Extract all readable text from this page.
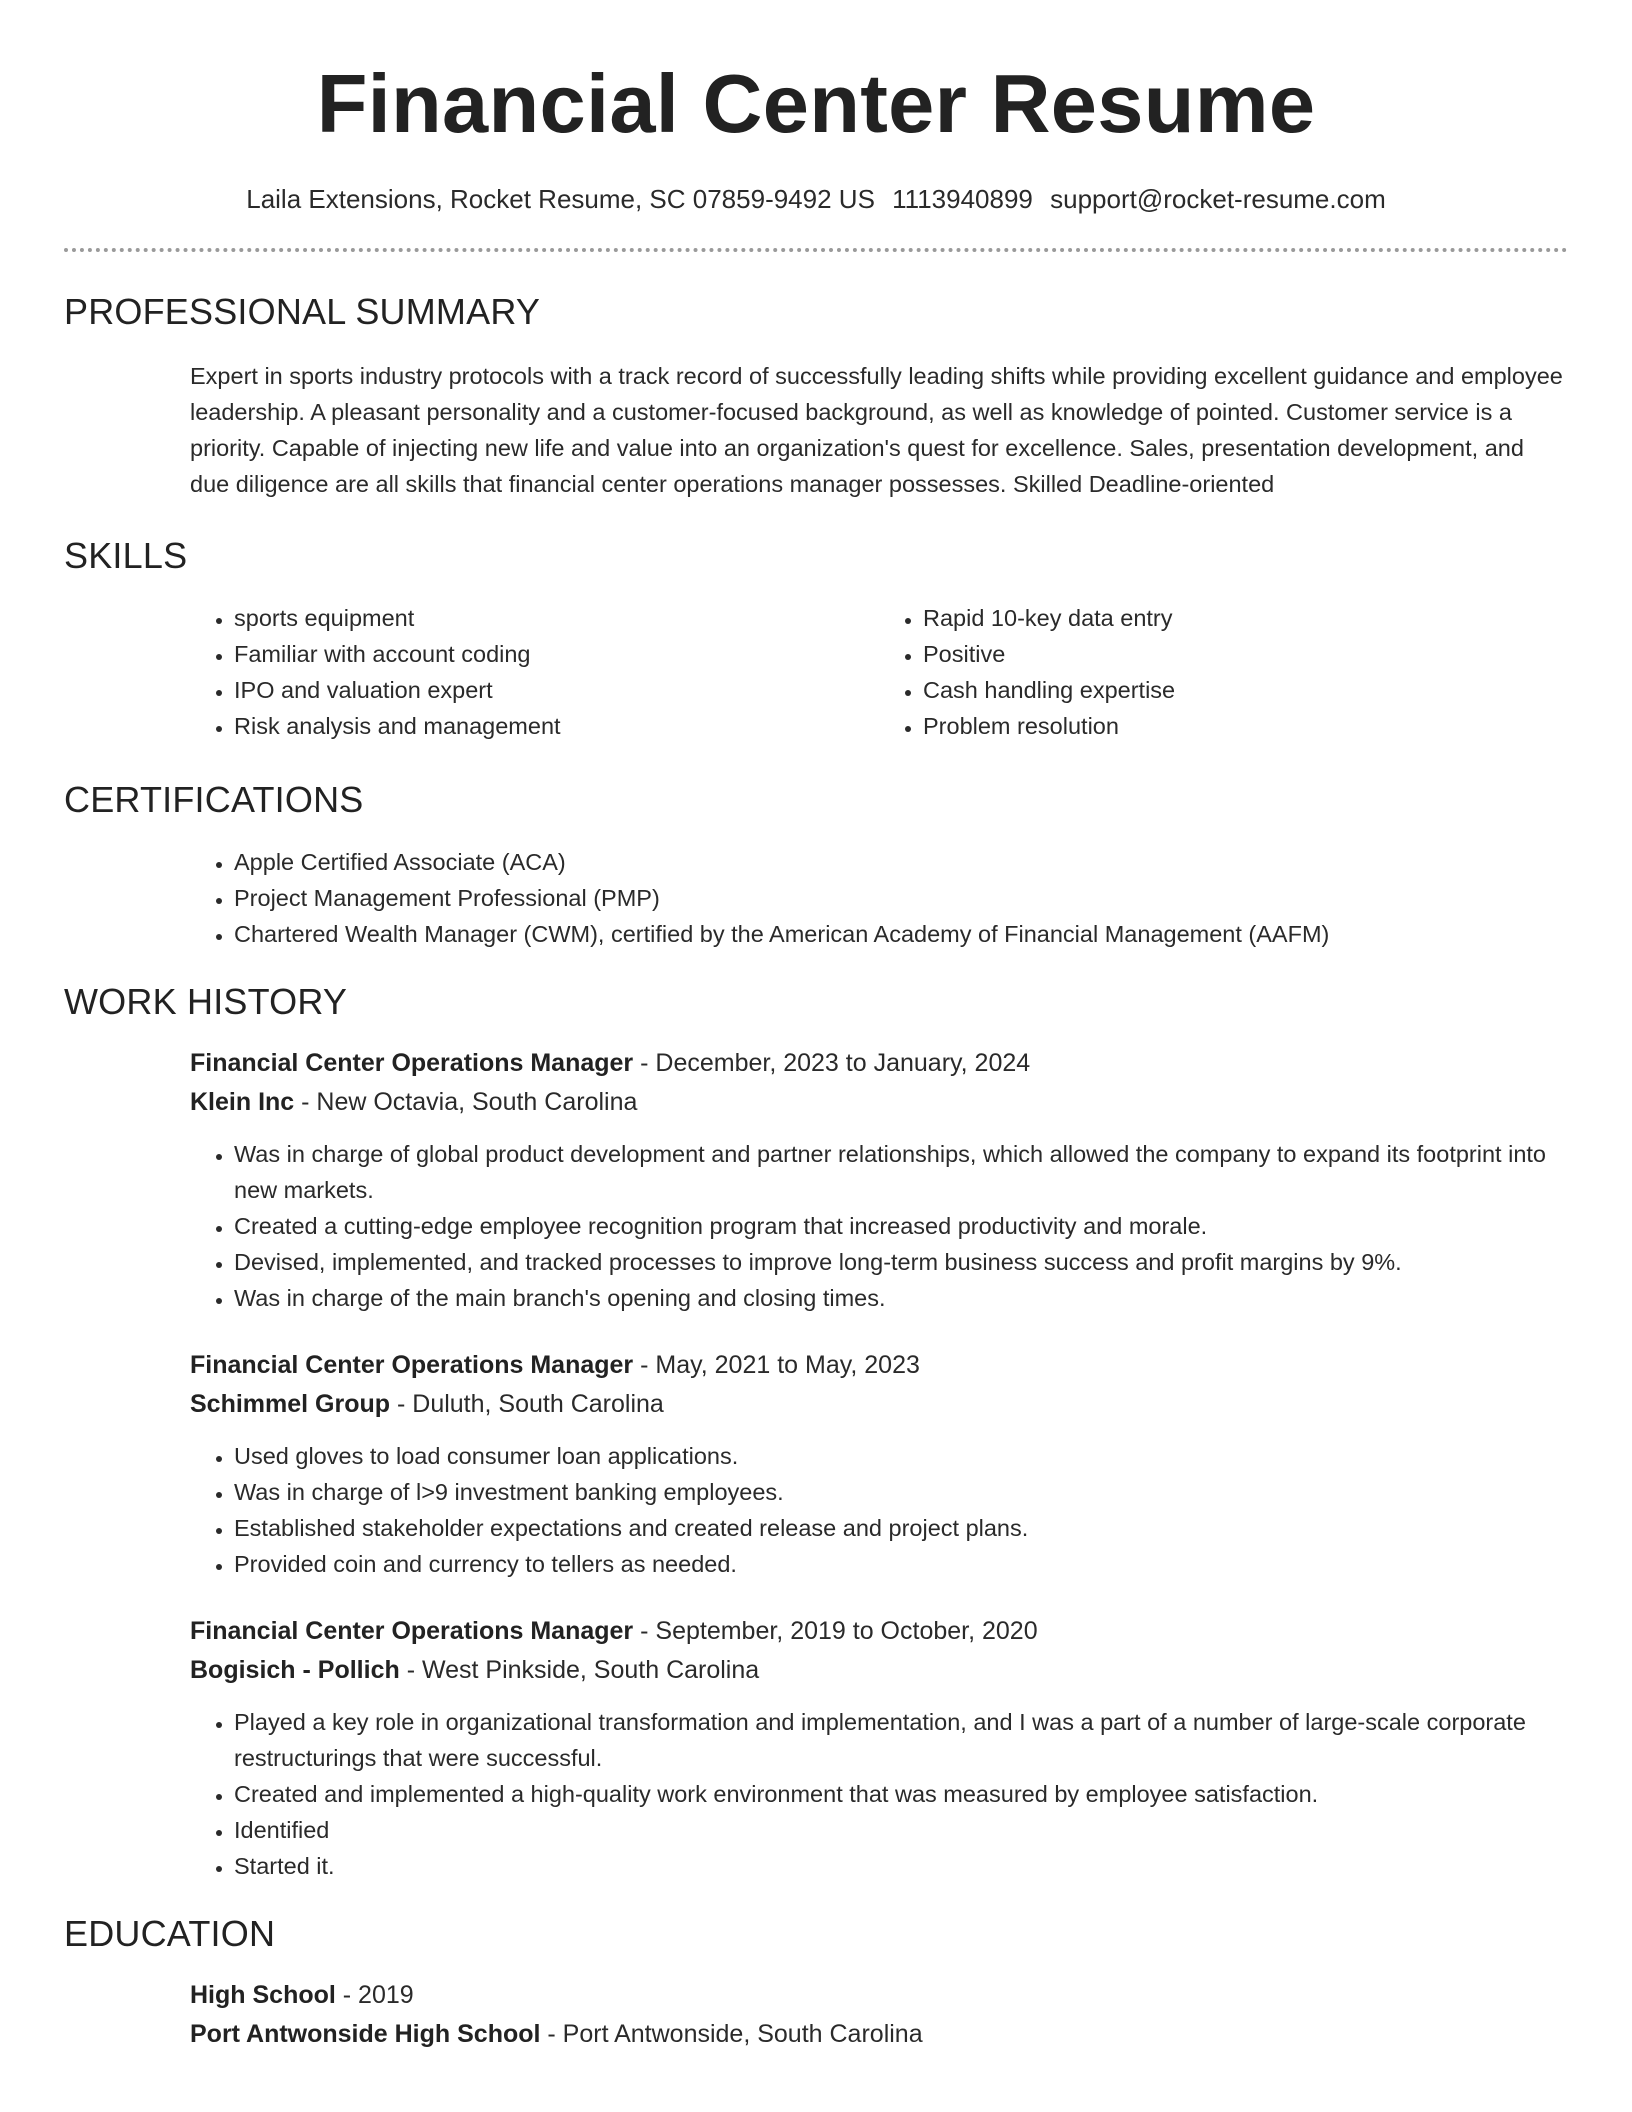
Financial Center Resume
Laila Extensions, Rocket Resume, SC 07859-9492 US 1113940899 support@rocket-resume.com
PROFESSIONAL SUMMARY

Expert in sports industry protocols with a track record of successfully leading shifts while providing excellent guidance and employee leadership. A pleasant personality and a customer-focused background, as well as knowledge of pointed. Customer service is a priority. Capable of injecting new life and value into an organization's quest for excellence. Sales, presentation development, and due diligence are all skills that financial center operations manager possesses. Skilled Deadline-oriented

SKILLS
• sports equipment
• Familiar with account coding
• IPO and valuation expert
• Risk analysis and management
• Rapid 10-key data entry
• Positive
• Cash handling expertise
• Problem resolution
CERTIFICATIONS
• Apple Certified Associate (ACA)
• Project Management Professional (PMP)
• Chartered Wealth Manager (CWM), certified by the American Academy of Financial Management (AAFM)
WORK HISTORY
Financial Center Operations Manager - December, 2023 to January, 2024
Klein Inc - New Octavia, South Carolina
• Was in charge of global product development and partner relationships, which allowed the company to expand its footprint into new markets.
• Created a cutting-edge employee recognition program that increased productivity and morale.
• Devised, implemented, and tracked processes to improve long-term business success and profit margins by 9%.
• Was in charge of the main branch's opening and closing times.
Financial Center Operations Manager - May, 2021 to May, 2023
Schimmel Group - Duluth, South Carolina
• Used gloves to load consumer loan applications.
• Was in charge of l>9 investment banking employees.
• Established stakeholder expectations and created release and project plans.
• Provided coin and currency to tellers as needed.
Financial Center Operations Manager - September, 2019 to October, 2020
Bogisich - Pollich - West Pinkside, South Carolina
• Played a key role in organizational transformation and implementation, and I was a part of a number of large-scale corporate restructurings that were successful.
• Created and implemented a high-quality work environment that was measured by employee satisfaction.
• Identified
• Started it.
EDUCATION
High School - 2019
Port Antwonside High School - Port Antwonside, South Carolina
